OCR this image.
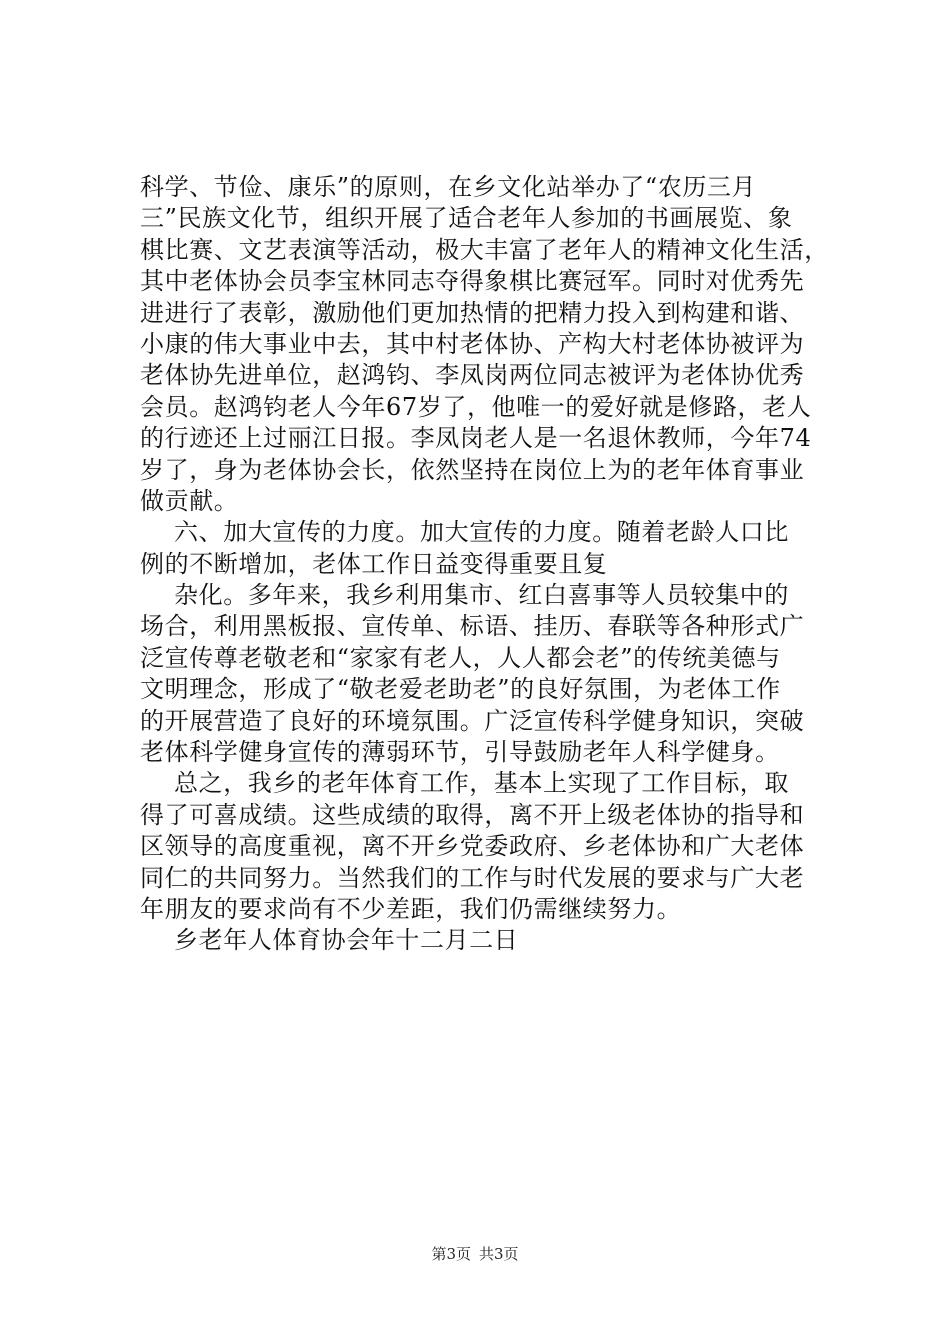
科学、节俭、康乐”的原则，在乡文化站举办了“农历三月
三”民族文化节，组织开展了适合老年人参加的书画展览、象
棋比赛、文艺表演等活动，极大丰富了老年人的精神文化生活，
其中老体协会员李宝林同志夺得象棋比赛冠军。同时对优秀先
进进行了表彰，激励他们更加热情的把精力投入到构建和谐、
小康的伟大事业中去，其中村老体协、产构大村老体协被评为
老体协先进单位，赵鸿钧、李凤岗两位同志被评为老体协优秀
会员。赵鸿钧老人今年67岁了，他唯一的爱好就是修路，老人
的行迹还上过丽江日报。李凤岗老人是一名退休教师，今年74
岁了，身为老体协会长，依然坚持在岗位上为的老年体育事业
做贡献。
六、加大宣传的力度。加大宣传的力度。随着老龄人口比
例的不断增加，老体工作日益变得重要且复
杂化。多年来，我乡利用集市、红白喜事等人员较集中的
场合，利用黑板报、宣传单、标语、挂历、春联等各种形式广
泛宣传尊老敬老和“家家有老人，人人都会老”的传统美德与
文明理念，形成了“敬老爱老助老”的良好氛围，为老体工作
的开展营造了良好的环境氛围。广泛宣传科学健身知识，突破
老体科学健身宣传的薄弱环节，引导鼓励老年人科学健身。
总之，我乡的老年体育工作，基本上实现了工作目标，取
得了可喜成绩。这些成绩的取得，离不开上级老体协的指导和
区领导的高度重视，离不开乡党委政府、乡老体协和广大老体
同仁的共同努力。当然我们的工作与时代发展的要求与广大老
年朋友的要求尚有不少差距，我们仍需继续努力。
乡老年人体育协会年十二月二日
第3页 共3页
